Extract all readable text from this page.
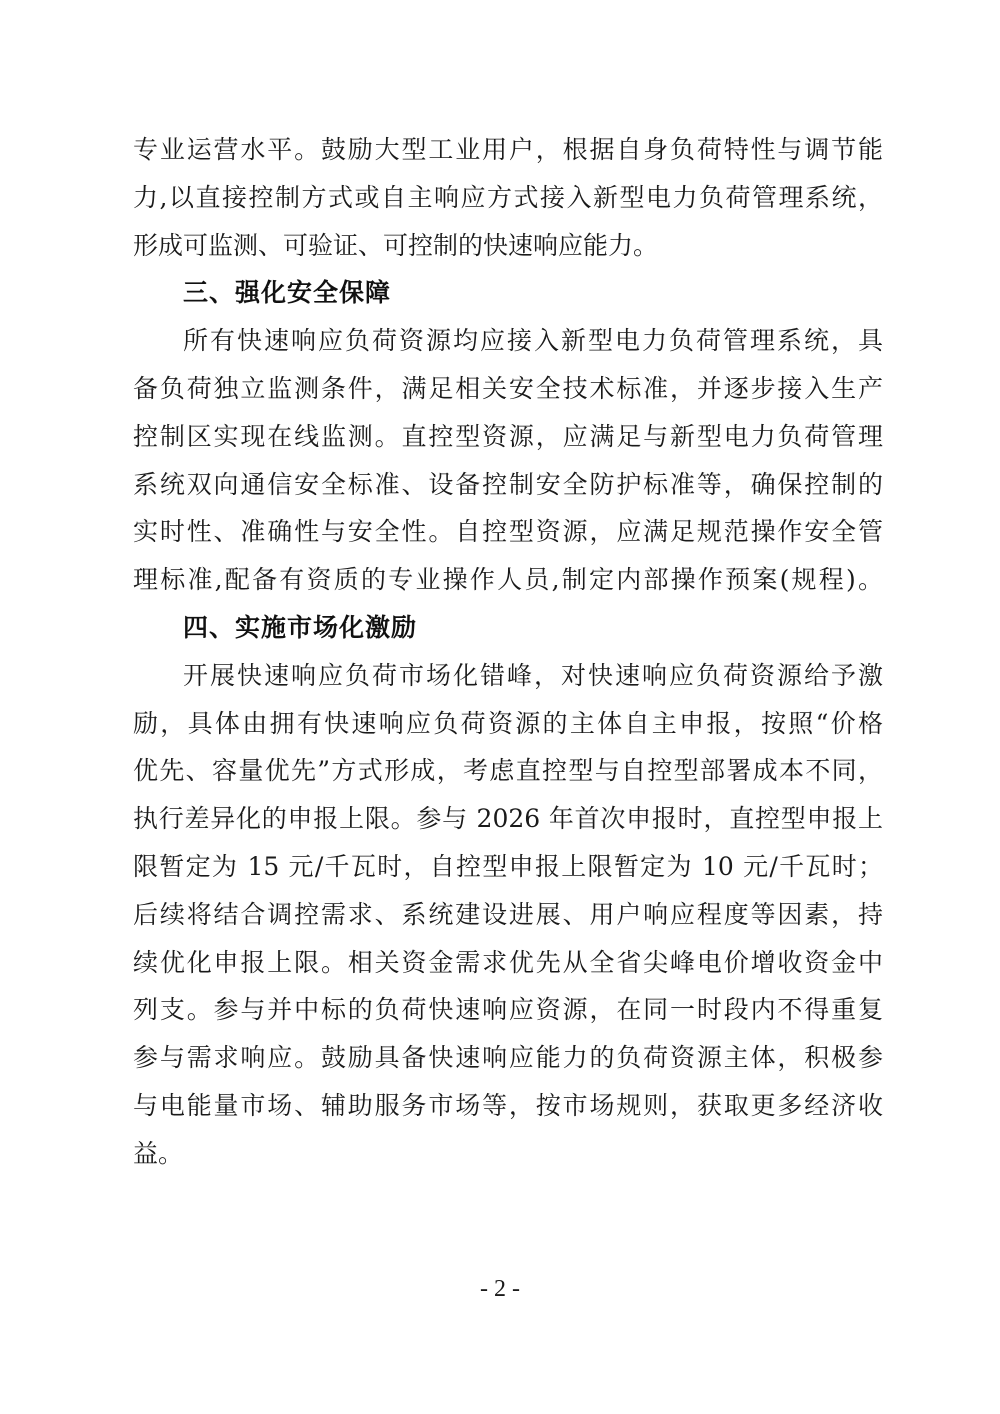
专业运营水平。鼓励大型工业用户，根据自身负荷特性与调节能
力,以直接控制方式或自主响应方式接入新型电力负荷管理系统，
形成可监测、可验证、可控制的快速响应能力。
三、强化安全保障
所有快速响应负荷资源均应接入新型电力负荷管理系统，具
备负荷独立监测条件，满足相关安全技术标准，并逐步接入生产
控制区实现在线监测。直控型资源，应满足与新型电力负荷管理
系统双向通信安全标准、设备控制安全防护标准等，确保控制的
实时性、准确性与安全性。自控型资源，应满足规范操作安全管
理标准,配备有资质的专业操作人员,制定内部操作预案(规程)。
四、实施市场化激励
开展快速响应负荷市场化错峰，对快速响应负荷资源给予激
励，具体由拥有快速响应负荷资源的主体自主申报，按照“价格
优先、容量优先”方式形成，考虑直控型与自控型部署成本不同，
执行差异化的申报上限。参与 2026 年首次申报时，直控型申报上
限暂定为 15 元/千瓦时，自控型申报上限暂定为 10 元/千瓦时；
后续将结合调控需求、系统建设进展、用户响应程度等因素，持
续优化申报上限。相关资金需求优先从全省尖峰电价增收资金中
列支。参与并中标的负荷快速响应资源，在同一时段内不得重复
参与需求响应。鼓励具备快速响应能力的负荷资源主体，积极参
与电能量市场、辅助服务市场等，按市场规则，获取更多经济收
益。
- 2 -
